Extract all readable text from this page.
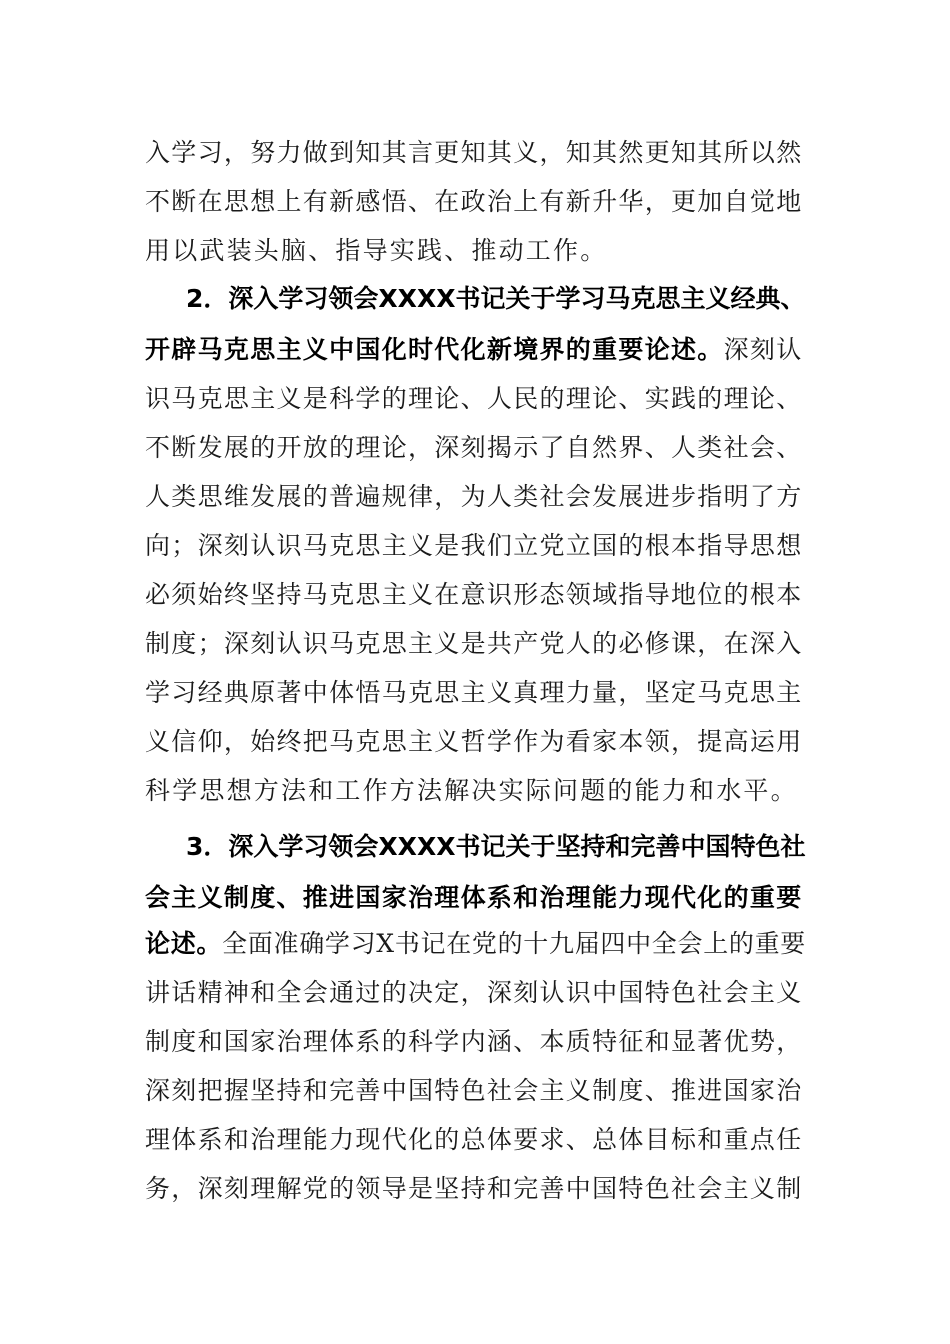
入学习，努力做到知其言更知其义，知其然更知其所以然
不断在思想上有新感悟、在政治上有新升华，更加自觉地
用以武装头脑、指导实践、推动工作。
2．深入学习领会XXXX书记关于学习马克思主义经典、
开辟马克思主义中国化时代化新境界的重要论述。深刻认
识马克思主义是科学的理论、人民的理论、实践的理论、
不断发展的开放的理论，深刻揭示了自然界、人类社会、
人类思维发展的普遍规律，为人类社会发展进步指明了方
向；深刻认识马克思主义是我们立党立国的根本指导思想
必须始终坚持马克思主义在意识形态领域指导地位的根本
制度；深刻认识马克思主义是共产党人的必修课，在深入
学习经典原著中体悟马克思主义真理力量，坚定马克思主
义信仰，始终把马克思主义哲学作为看家本领，提高运用
科学思想方法和工作方法解决实际问题的能力和水平。
3．深入学习领会XXXX书记关于坚持和完善中国特色社
会主义制度、推进国家治理体系和治理能力现代化的重要
论述。全面准确学习X书记在党的十九届四中全会上的重要
讲话精神和全会通过的决定，深刻认识中国特色社会主义
制度和国家治理体系的科学内涵、本质特征和显著优势，
深刻把握坚持和完善中国特色社会主义制度、推进国家治
理体系和治理能力现代化的总体要求、总体目标和重点任
务，深刻理解党的领导是坚持和完善中国特色社会主义制
